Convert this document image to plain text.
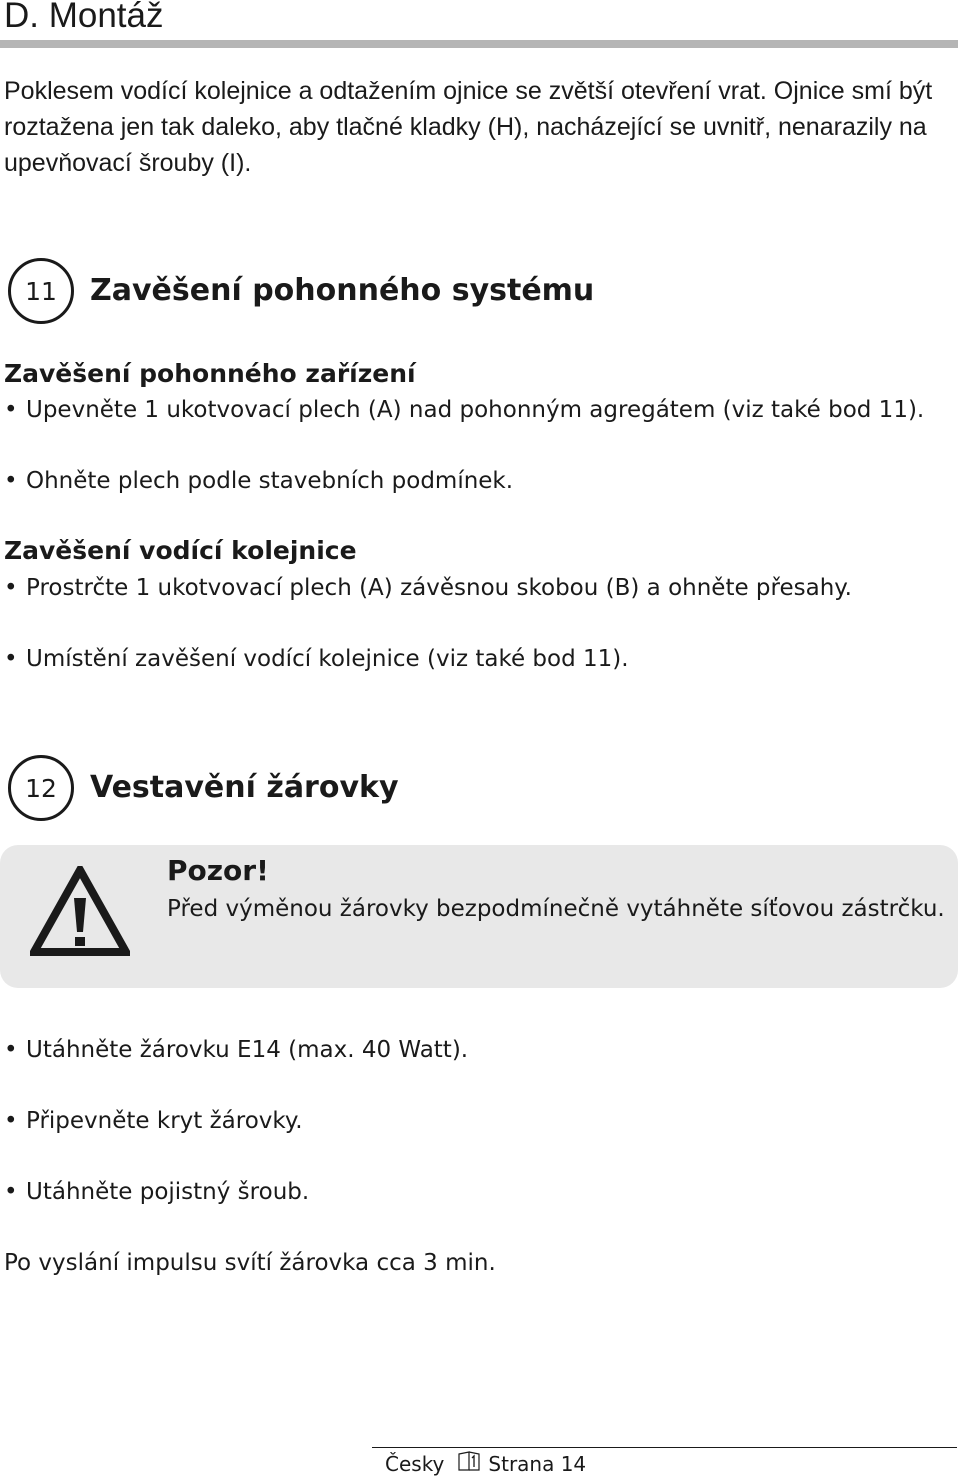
D. Montáž
Poklesem vodící kolejnice a odtažením ojnice se zvětší otevření vrat. Ojnice smí být roztažena jen tak daleko, aby tlačné kladky (H), nacházející se uvnitř, nenarazily na upevňovací šrouby (I).
11 Zavěšení pohonného systému
Zavěšení pohonného zařízení
• Upevněte 1 ukotvovací plech (A) nad pohonným agregátem (viz také bod 11).
• Ohněte plech podle stavebních podmínek.
Zavěšení vodící kolejnice
• Prostrčte 1 ukotvovací plech (A) závěsnou skobou (B) a ohněte přesahy.
• Umístění zavěšení vodící kolejnice (viz také bod 11).
12 Vestavění žárovky
Pozor!
Před výměnou žárovky bezpodmínečně vytáhněte síťovou zástrčku.
• Utáhněte žárovku E14 (max. 40 Watt).
• Připevněte kryt žárovky.
• Utáhněte pojistný šroub.
Po vyslání impulsu svítí žárovka cca 3 min.
Česky Strana 14
